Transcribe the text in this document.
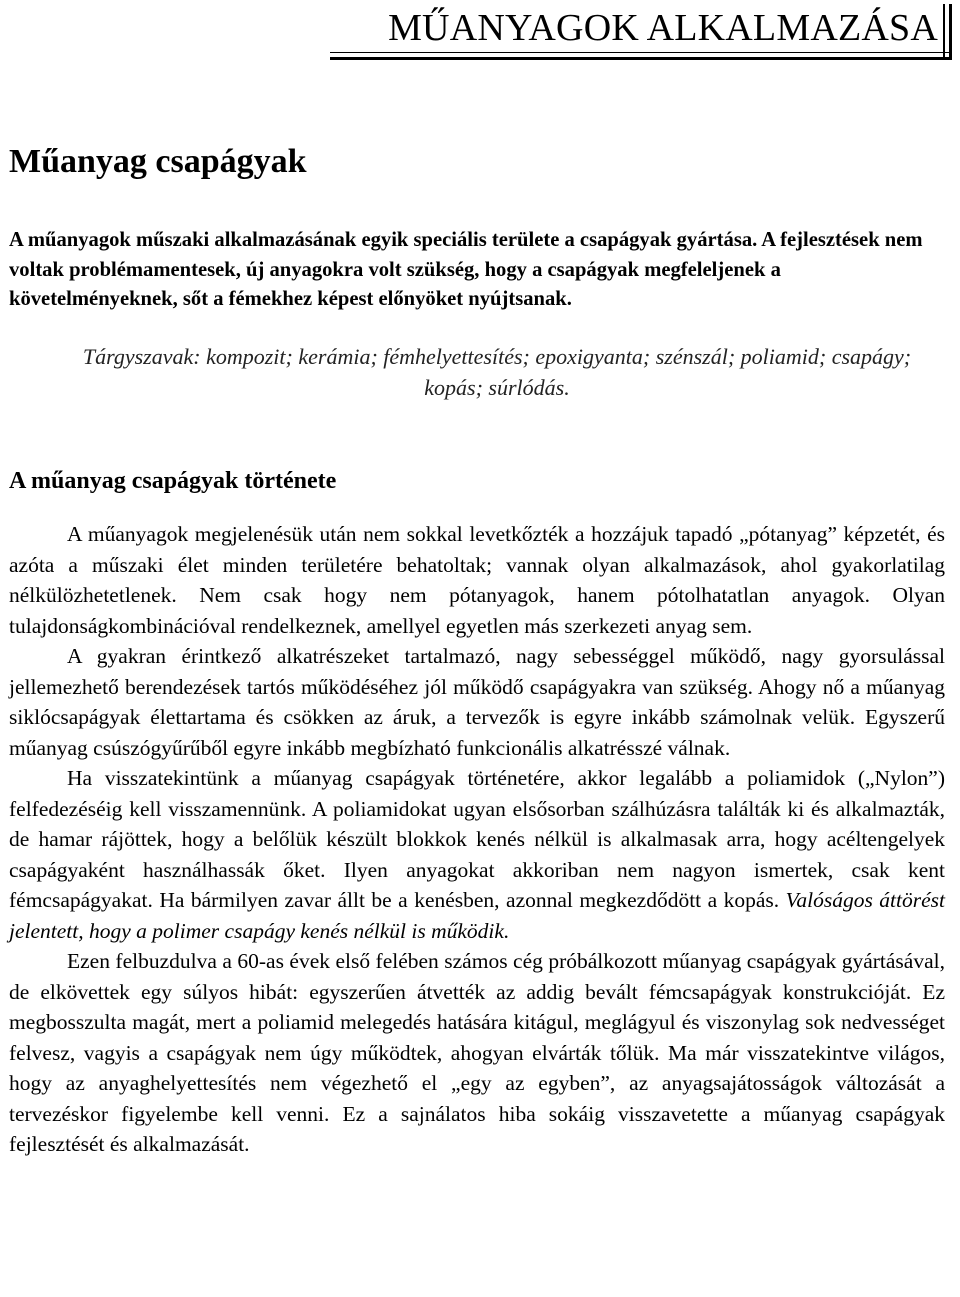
MŰANYAGOK ALKALMAZÁSA
Műanyag csapágyak

A műanyagok műszaki alkalmazásának egyik speciális területe a csapágyak gyártása. A fejlesztések nem voltak problémamentesek, új anyagokra volt szükség, hogy a csapágyak megfeleljenek a követelményeknek, sőt a fémekhez képest előnyöket nyújtsanak.

Tárgyszavak: kompozit; kerámia; fémhelyettesítés; epoxigyanta; szénszál; poliamid; csapágy; kopás; súrlódás.

A műanyag csapágyak története

A műanyagok megjelenésük után nem sokkal levetkőzték a hozzájuk tapadó „pótanyag” képzetét, és azóta a műszaki élet minden területére behatoltak; vannak olyan alkalmazások, ahol gyakorlatilag nélkülözhetetlenek. Nem csak hogy nem pótanyagok, hanem pótolhatatlan anyagok. Olyan tulajdonságkombinációval rendelkeznek, amellyel egyetlen más szerkezeti anyag sem.

A gyakran érintkező alkatrészeket tartalmazó, nagy sebességgel működő, nagy gyorsulással jellemezhető berendezések tartós működéséhez jól működő csapágyakra van szükség. Ahogy nő a műanyag siklócsapágyak élettartama és csökken az áruk, a tervezők is egyre inkább számolnak velük. Egyszerű műanyag csúszógyűrűből egyre inkább megbízható funkcionális alkatrésszé válnak.

Ha visszatekintünk a műanyag csapágyak történetére, akkor legalább a poliamidok („Nylon”) felfedezéséig kell visszamennünk. A poliamidokat ugyan elsősorban szálhúzásra találták ki és alkalmazták, de hamar rájöttek, hogy a belőlük készült blokkok kenés nélkül is alkalmasak arra, hogy acéltengelyek csapágyaként használhassák őket. Ilyen anyagokat akkoriban nem nagyon ismertek, csak kent fémcsapágyakat. Ha bármilyen zavar állt be a kenésben, azonnal megkezdődött a kopás. Valóságos áttörést jelentett, hogy a polimer csapágy kenés nélkül is működik.

Ezen felbuzdulva a 60-as évek első felében számos cég próbálkozott műanyag csapágyak gyártásával, de elkövettek egy súlyos hibát: egyszerűen átvették az addig bevált fémcsapágyak konstrukcióját. Ez megbosszulta magát, mert a poliamid melegedés hatására kitágul, meglágyul és viszonylag sok nedvességet felvesz, vagyis a csapágyak nem úgy működtek, ahogyan elvárták tőlük. Ma már visszatekintve világos, hogy az anyaghelyettesítés nem végezhető el „egy az egyben”, az anyagsajátosságok változását a tervezéskor figyelembe kell venni. Ez a sajnálatos hiba sokáig visszavetette a műanyag csapágyak fejlesztését és alkalmazását.
